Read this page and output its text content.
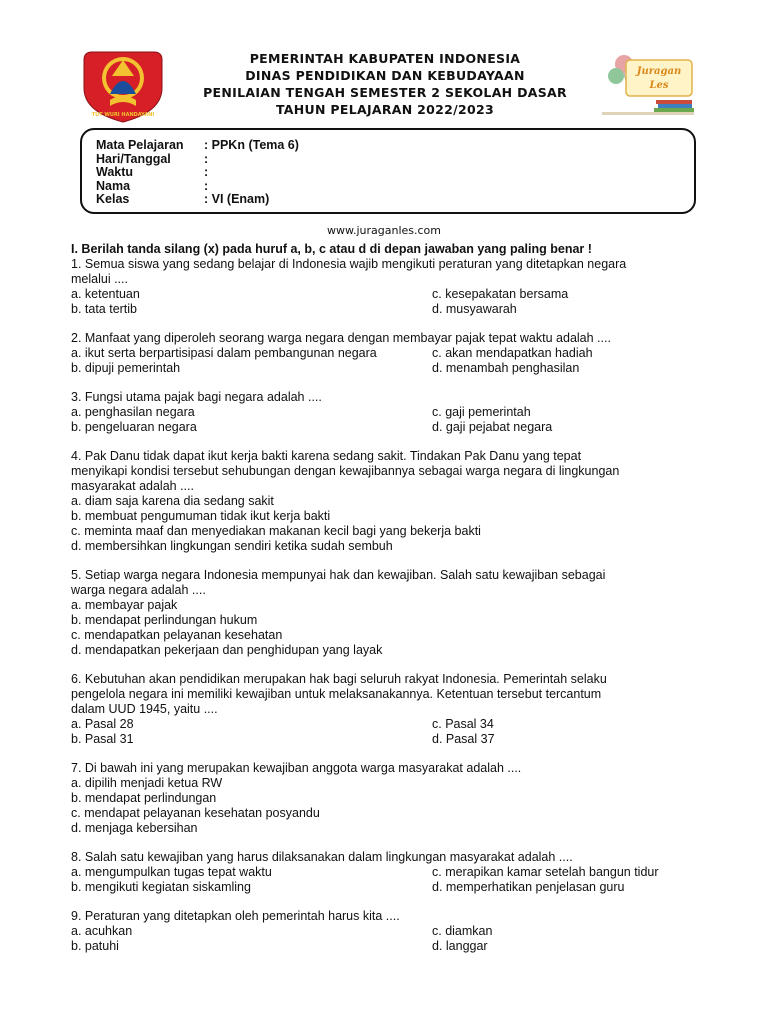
TUT WURI HANDAYANI
PEMERINTAH KABUPATEN INDONESIA
DINAS PENDIDIKAN DAN KEBUDAYAAN
PENILAIAN TENGAH SEMESTER 2 SEKOLAH DASAR
TAHUN PELAJARAN 2022/2023
Juragan
Les
Mata Pelajaran : PPKn (Tema 6)
Hari/Tanggal	:
Waktu	:
Nama	:
Kelas	: VI (Enam)
www.juraganles.com

I. Berilah tanda silang (x) pada huruf a, b, c atau d di depan jawaban yang paling benar !

1. Semua siswa yang sedang belajar di Indonesia wajib mengikuti peraturan yang ditetapkan negara
melalui ....

a. ketentuan	c. kesepakatan bersama
b. tata tertib	d. musyawarah

2. Manfaat yang diperoleh seorang warga negara dengan membayar pajak tepat waktu adalah ....

a. ikut serta berpartisipasi dalam pembangunan negara	c. akan mendapatkan hadiah
b. dipuji pemerintah	d. menambah penghasilan

3. Fungsi utama pajak bagi negara adalah ....

a. penghasilan negara	c. gaji pemerintah
b. pengeluaran negara	d. gaji pejabat negara

4. Pak Danu tidak dapat ikut kerja bakti karena sedang sakit. Tindakan Pak Danu yang tepat
menyikapi kondisi tersebut sehubungan dengan kewajibannya sebagai warga negara di lingkungan
masyarakat adalah ....

a. diam saja karena dia sedang sakit
b. membuat pengumuman tidak ikut kerja bakti
c. meminta maaf dan menyediakan makanan kecil bagi yang bekerja bakti
d. membersihkan lingkungan sendiri ketika sudah sembuh

5. Setiap warga negara Indonesia mempunyai hak dan kewajiban. Salah satu kewajiban sebagai
warga negara adalah ....

a. membayar pajak
b. mendapat perlindungan hukum
c. mendapatkan pelayanan kesehatan
d. mendapatkan pekerjaan dan penghidupan yang layak

6. Kebutuhan akan pendidikan merupakan hak bagi seluruh rakyat Indonesia. Pemerintah selaku
pengelola negara ini memiliki kewajiban untuk melaksanakannya. Ketentuan tersebut tercantum
dalam UUD 1945, yaitu ....

a. Pasal 28	c. Pasal 34
b. Pasal 31	d. Pasal 37

7. Di bawah ini yang merupakan kewajiban anggota warga masyarakat adalah ....

a. dipilih menjadi ketua RW
b. mendapat perlindungan
c. mendapat pelayanan kesehatan posyandu
d. menjaga kebersihan

8. Salah satu kewajiban yang harus dilaksanakan dalam lingkungan masyarakat adalah ....

a. mengumpulkan tugas tepat waktu	c. merapikan kamar setelah bangun tidur
b. mengikuti kegiatan siskamling	d. memperhatikan penjelasan guru

9. Peraturan yang ditetapkan oleh pemerintah harus kita ....

a. acuhkan	c. diamkan
b. patuhi	d. langgar
